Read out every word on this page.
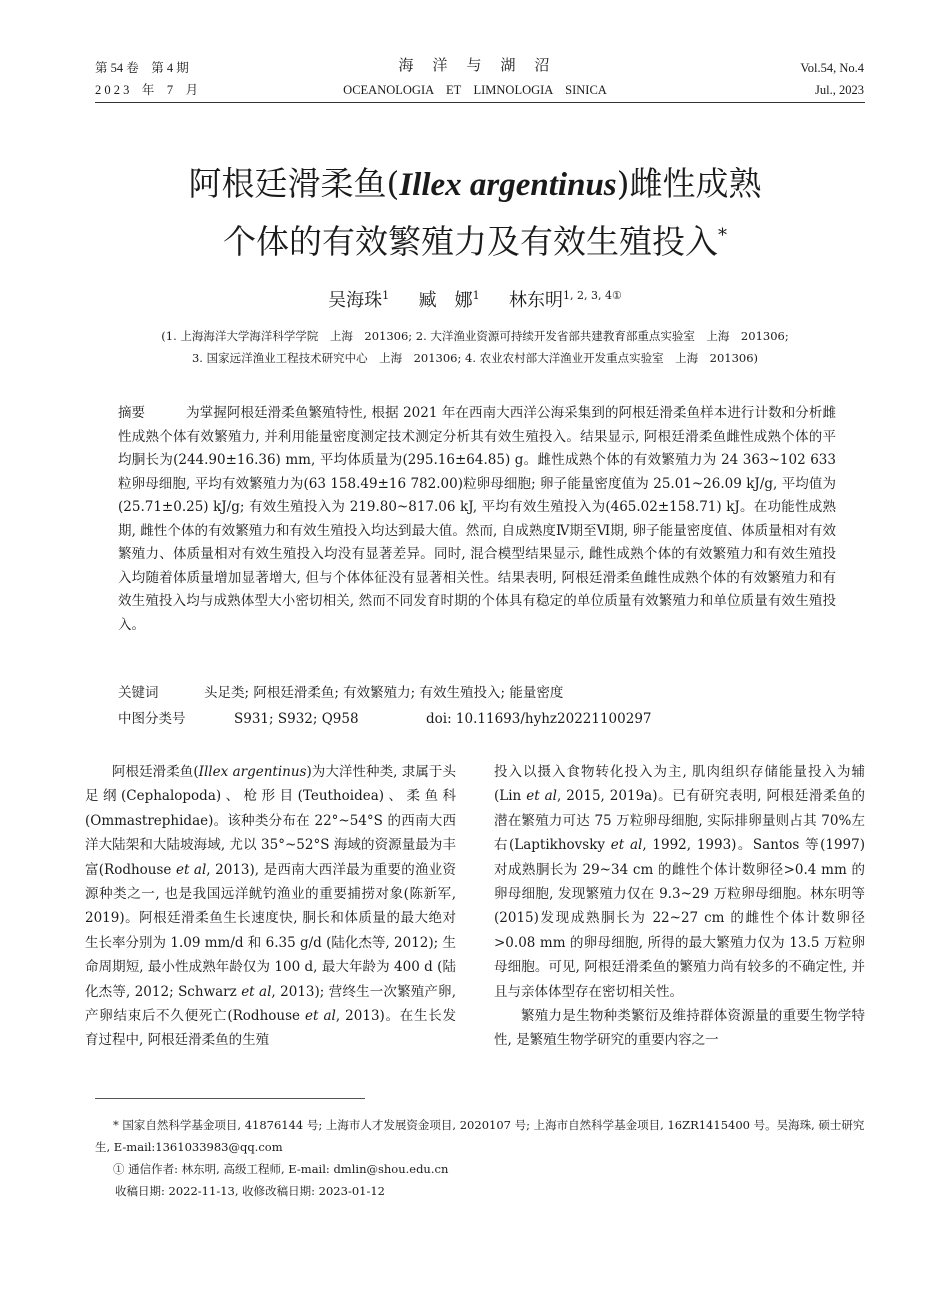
第 54 卷　第 4 期
2 0 2 3　年　7　月
海　洋　与　湖　沼
OCEANOLOGIA　ET　LIMNOLOGIA　SINICA
Vol.54, No.4
Jul., 2023
阿根廷滑柔鱼(Illex argentinus)雌性成熟
个体的有效繁殖力及有效生殖投入*
吴海珠$^1$ 臧　娜$^1$ 林东明$^{1, 2, 3, 4①}$
(1. 上海海洋大学海洋科学学院　上海　201306; 2. 大洋渔业资源可持续开发省部共建教育部重点实验室　上海　201306;
3. 国家远洋渔业工程技术研究中心　上海　201306; 4. 农业农村部大洋渔业开发重点实验室　上海　201306)
摘要	为掌握阿根廷滑柔鱼繁殖特性, 根据 2021 年在西南大西洋公海采集到的阿根廷滑柔鱼样本进行计数和分析雌性成熟个体有效繁殖力, 并利用能量密度测定技术测定分析其有效生殖投入。结果显示, 阿根廷滑柔鱼雌性成熟个体的平均胴长为(244.90±16.36) mm, 平均体质量为(295.16±64.85) g。雌性成熟个体的有效繁殖力为 24 363~102 633 粒卵母细胞, 平均有效繁殖力为(63 158.49±16 782.00)粒卵母细胞; 卵子能量密度值为 25.01~26.09 kJ/g, 平均值为(25.71±0.25) kJ/g; 有效生殖投入为 219.80~817.06 kJ, 平均有效生殖投入为(465.02±158.71) kJ。在功能性成熟期, 雌性个体的有效繁殖力和有效生殖投入均达到最大值。然而, 自成熟度Ⅳ期至Ⅵ期, 卵子能量密度值、体质量相对有效繁殖力、体质量相对有效生殖投入均没有显著差异。同时, 混合模型结果显示, 雌性成熟个体的有效繁殖力和有效生殖投入均随着体质量增加显著增大, 但与个体体征没有显著相关性。结果表明, 阿根廷滑柔鱼雌性成熟个体的有效繁殖力和有效生殖投入均与成熟体型大小密切相关, 然而不同发育时期的个体具有稳定的单位质量有效繁殖力和单位质量有效生殖投入。
关键词	头足类; 阿根廷滑柔鱼; 有效繁殖力; 有效生殖投入; 能量密度
中图分类号	S931; S932; Q958	doi: 10.11693/hyhz20221100297

阿根廷滑柔鱼(Illex argentinus)为大洋性种类, 隶属于头足纲(Cephalopoda)、枪形目(Teuthoidea)、柔鱼科(Ommastrephidae)。该种类分布在 22°~54°S 的西南大西洋大陆架和大陆坡海域, 尤以 35°~52°S 海域的资源量最为丰富(Rodhouse et al, 2013), 是西南大西洋最为重要的渔业资源种类之一, 也是我国远洋鱿钓渔业的重要捕捞对象(陈新军, 2019)。阿根廷滑柔鱼生长速度快, 胴长和体质量的最大绝对生长率分别为 1.09 mm/d 和 6.35 g/d (陆化杰等, 2012); 生命周期短, 最小性成熟年龄仅为 100 d, 最大年龄为 400 d (陆化杰等, 2012; Schwarz et al, 2013); 营终生一次繁殖产卵, 产卵结束后不久便死亡(Rodhouse et al, 2013)。在生长发育过程中, 阿根廷滑柔鱼的生殖

投入以摄入食物转化投入为主, 肌肉组织存储能量投入为辅(Lin et al, 2015, 2019a)。已有研究表明, 阿根廷滑柔鱼的潜在繁殖力可达 75 万粒卵母细胞, 实际排卵量则占其 70%左右(Laptikhovsky et al, 1992, 1993)。Santos 等(1997)对成熟胴长为 29~34 cm 的雌性个体计数卵径>0.4 mm 的卵母细胞, 发现繁殖力仅在 9.3~29 万粒卵母细胞。林东明等(2015)发现成熟胴长为 22~27 cm 的雌性个体计数卵径>0.08 mm 的卵母细胞, 所得的最大繁殖力仅为 13.5 万粒卵母细胞。可见, 阿根廷滑柔鱼的繁殖力尚有较多的不确定性, 并且与亲体体型存在密切相关性。

繁殖力是生物种类繁衍及维持群体资源量的重要生物学特性, 是繁殖生物学研究的重要内容之一

* 国家自然科学基金项目, 41876144 号; 上海市人才发展资金项目, 2020107 号; 上海市自然科学基金项目, 16ZR1415400 号。吴海珠, 硕士研究生, E-mail:1361033983@qq.com
① 通信作者: 林东明, 高级工程师, E-mail: dmlin@shou.edu.cn
收稿日期: 2022-11-13, 收修改稿日期: 2023-01-12
